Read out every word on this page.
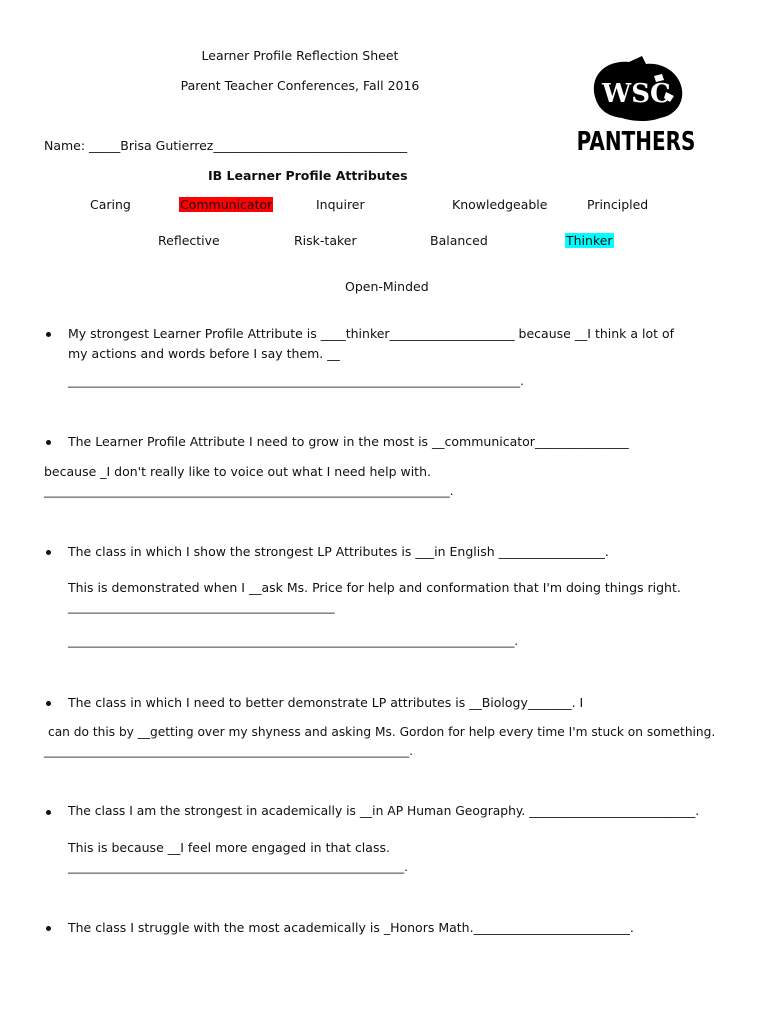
Learner Profile Reflection Sheet
Parent Teacher Conferences, Fall 2016
Name: _____Brisa Gutierrez_______________________________
IB Learner Profile Attributes
WSC
PANTHERS
Caring	Communicator	Inquirer	Knowledgeable	Principled
Reflective	Risk-taker	Balanced	Thinker
Open-Minded
My strongest Learner Profile Attribute is ____thinker____________________ because __I think a lot of
my actions and words before I say them. __
______________________________________________________________________________.
The Learner Profile Attribute I need to grow in the most is __communicator_______________
because _I don't really like to voice out what I need help with.
______________________________________________________________________.
The class in which I show the strongest LP Attributes is ___in English _________________.
This is demonstrated when I __ask Ms. Price for help and conformation that I'm doing things right.
______________________________________________
_____________________________________________________________________________.
The class in which I need to better demonstrate LP attributes is __Biology_______. I
can do this by __getting over my shyness and asking Ms. Gordon for help every time I'm stuck on something.
_______________________________________________________________.
The class I am the strongest in academically is __in AP Human Geography. ___________________________.
This is because __I feel more engaged in that class.
__________________________________________________________.
The class I struggle with the most academically is _Honors Math._________________________.
